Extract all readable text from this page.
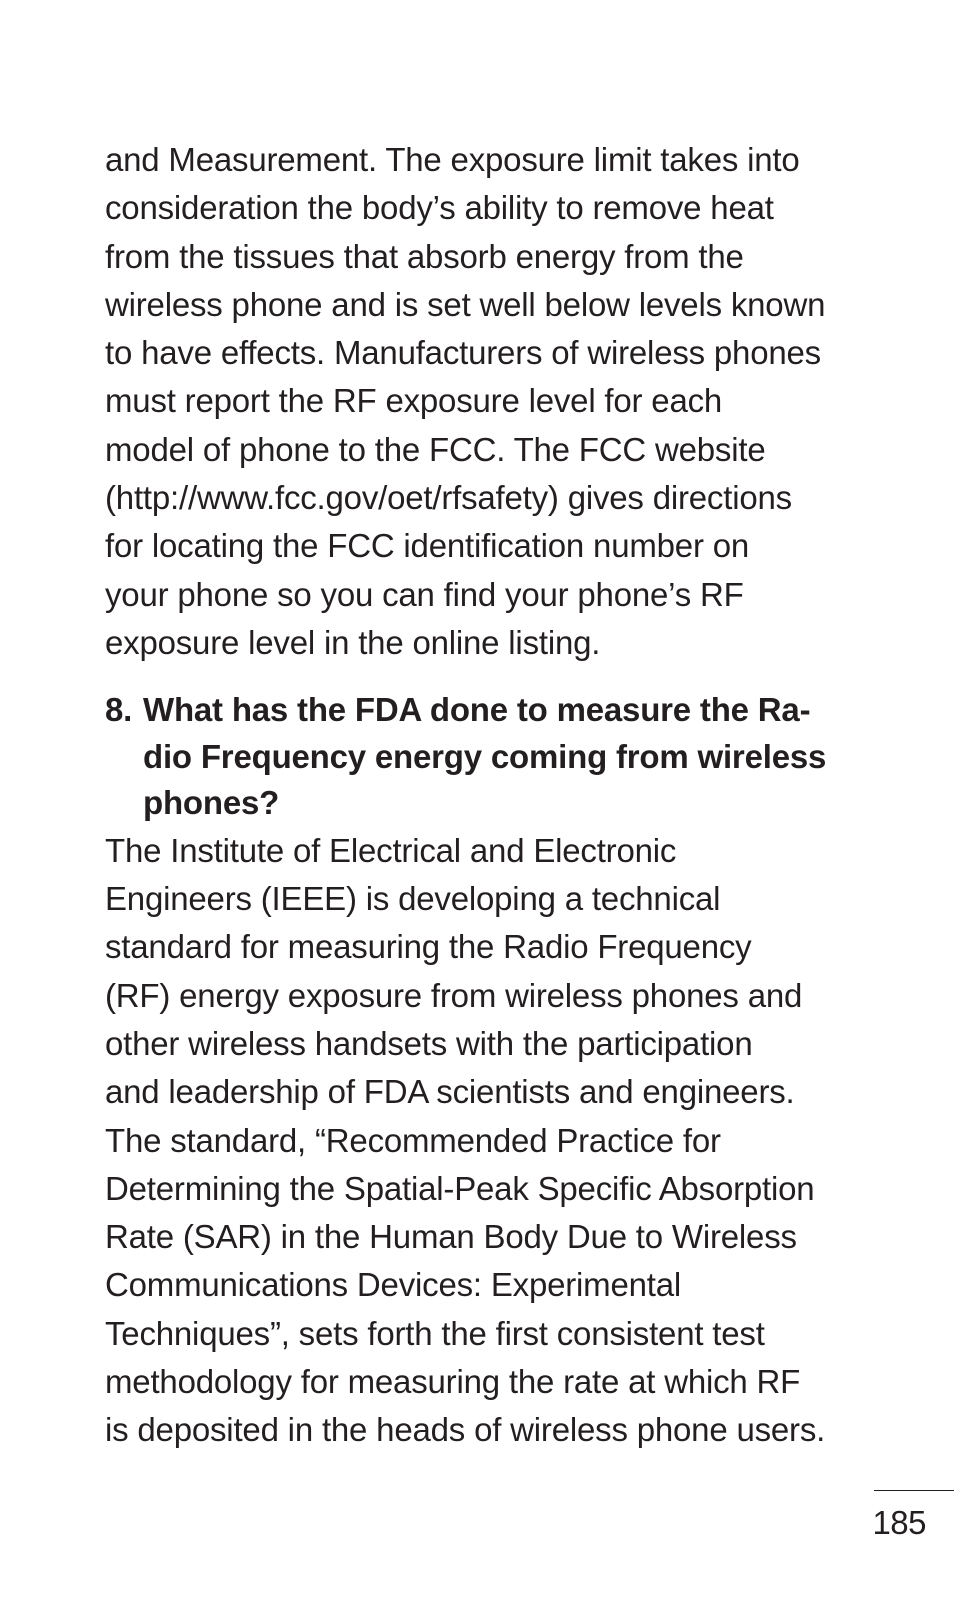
and Measurement. The exposure limit takes into
consideration the body’s ability to remove heat
from the tissues that absorb energy from the
wireless phone and is set well below levels known
to have effects. Manufacturers of wireless phones
must report the RF exposure level for each
model of phone to the FCC. The FCC website
(http://www.fcc.gov/oet/rfsafety) gives directions
for locating the FCC identification number on
your phone so you can find your phone’s RF
exposure level in the online listing.

8. What has the FDA done to measure the Ra-
dio Frequency energy coming from wireless
phones?

The Institute of Electrical and Electronic
Engineers (IEEE) is developing a technical
standard for measuring the Radio Frequency
(RF) energy exposure from wireless phones and
other wireless handsets with the participation
and leadership of FDA scientists and engineers.
The standard, “Recommended Practice for
Determining the Spatial-Peak Specific Absorption
Rate (SAR) in the Human Body Due to Wireless
Communications Devices: Experimental
Techniques”, sets forth the first consistent test
methodology for measuring the rate at which RF
is deposited in the heads of wireless phone users.

185
